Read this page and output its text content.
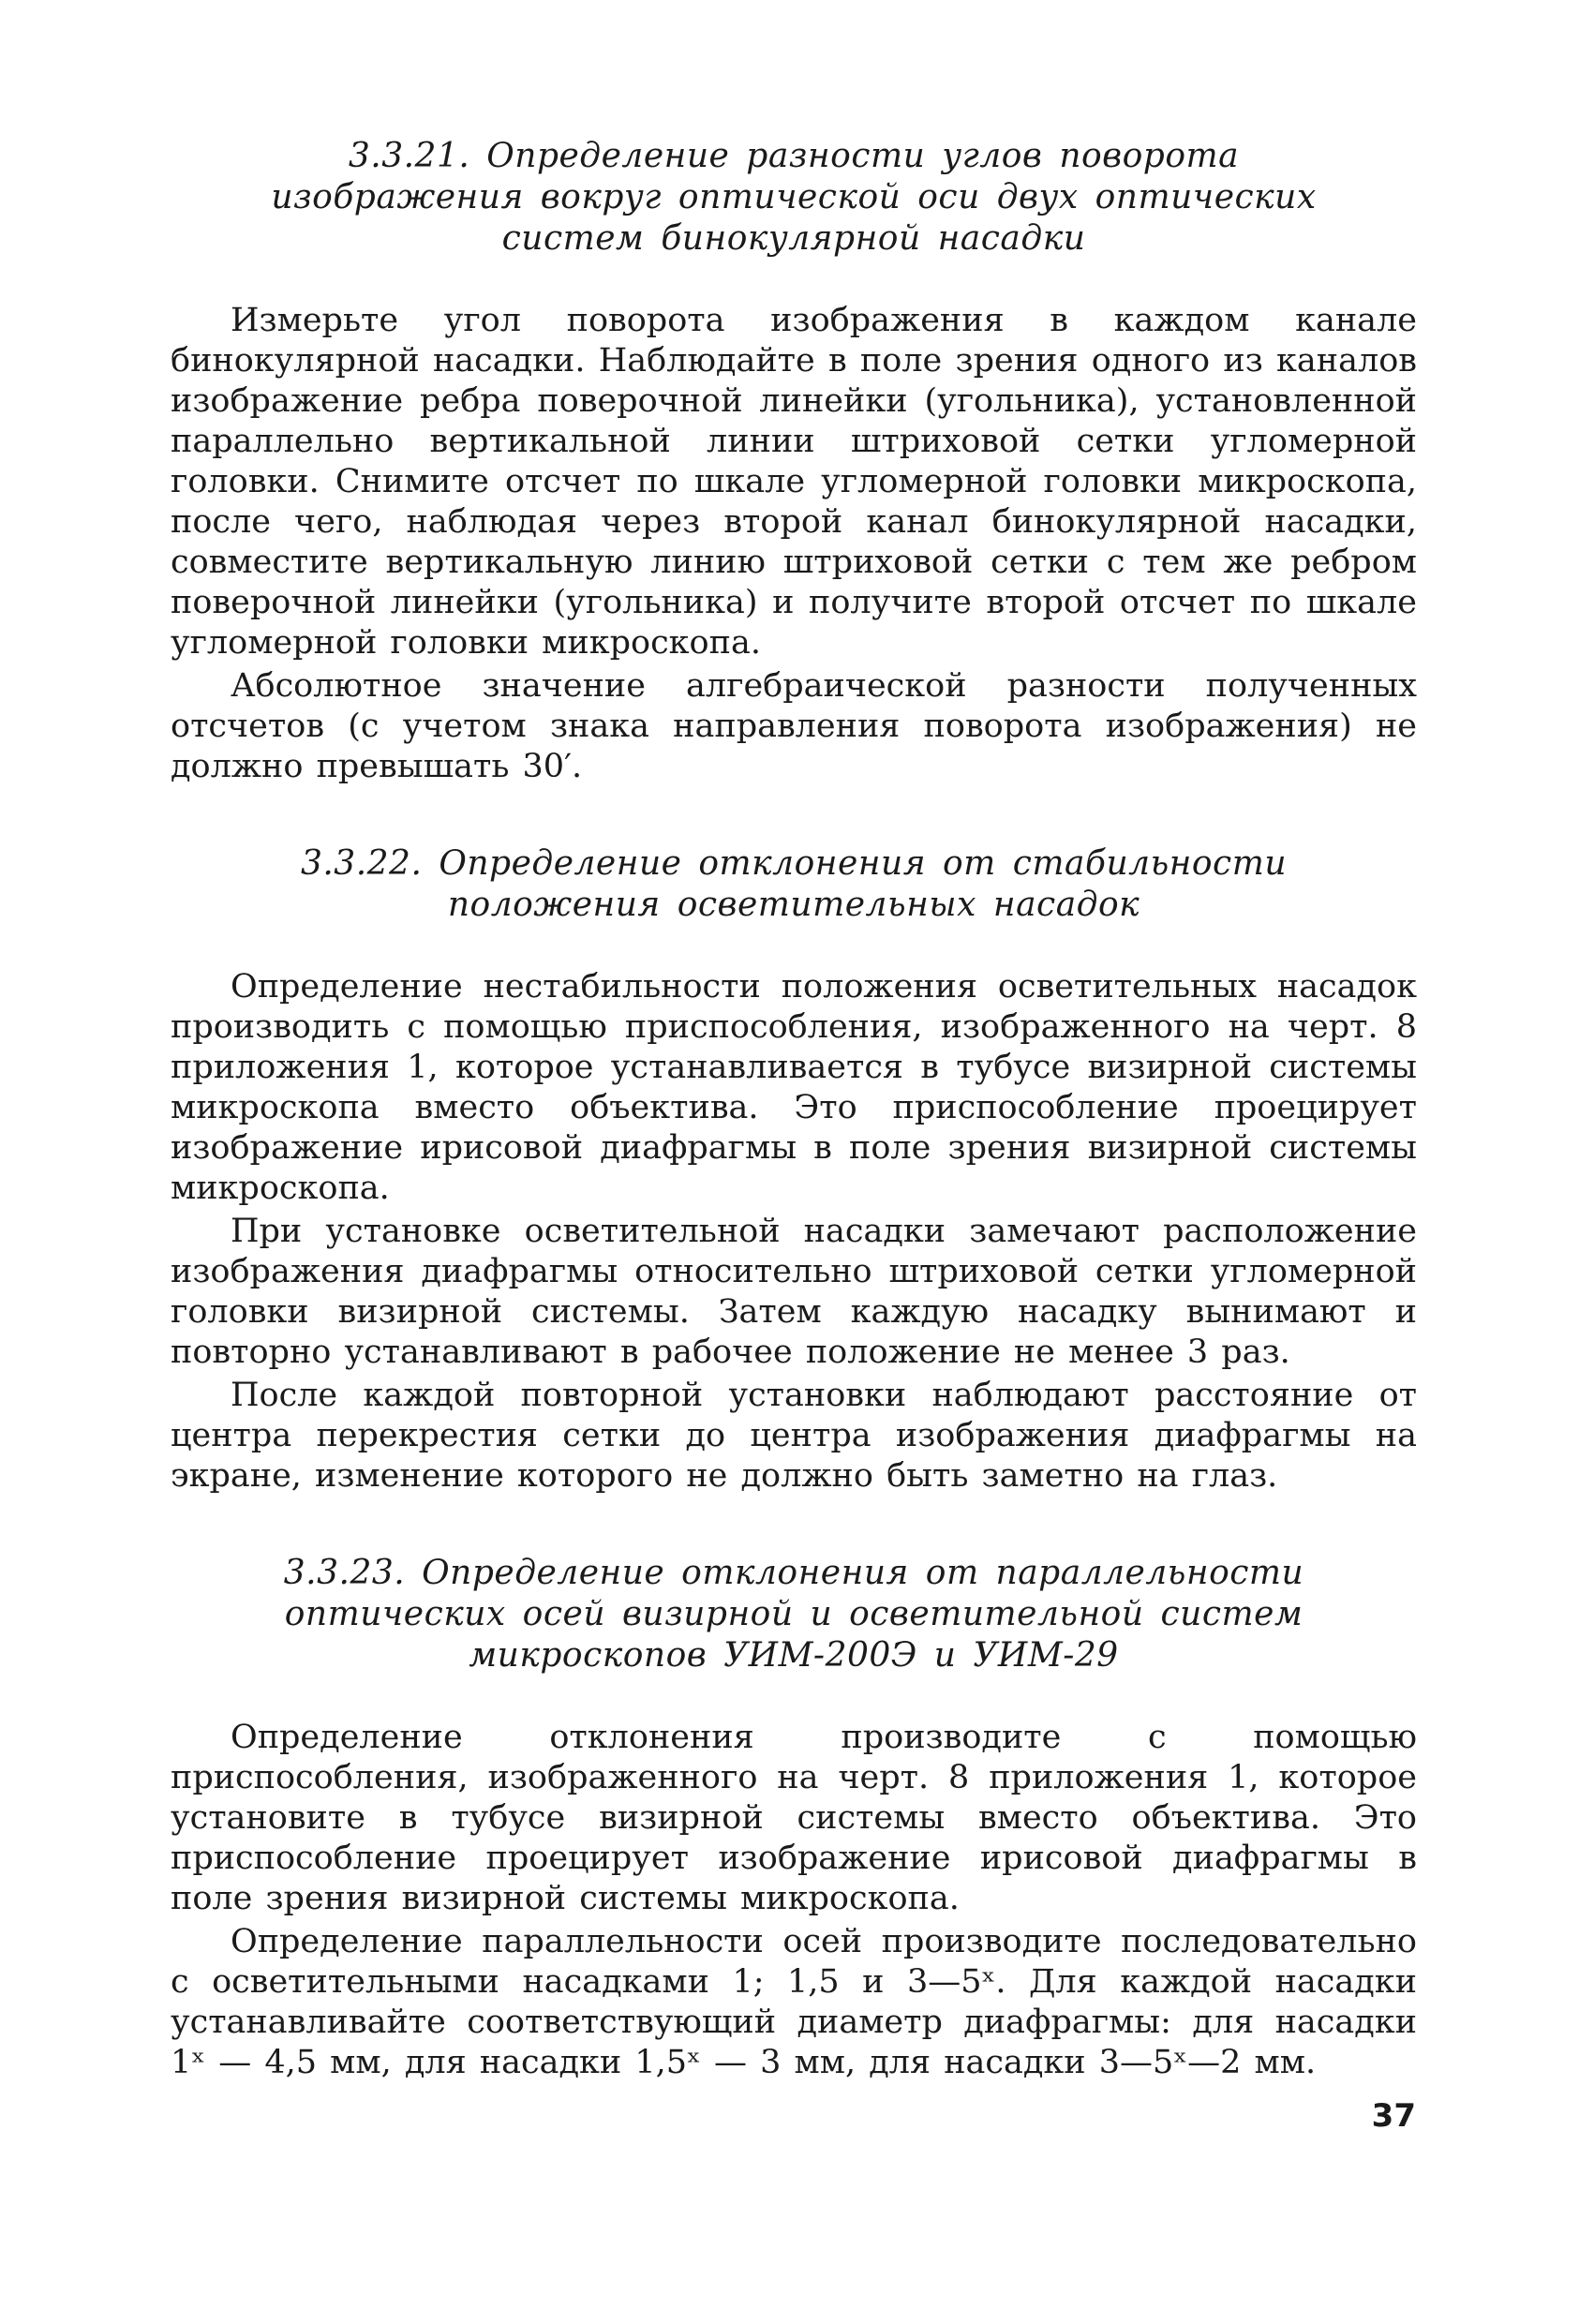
3.3.21. Определение разности углов поворота изображения вокруг оптической оси двух оптических систем бинокулярной насадки

Измерьте угол поворота изображения в каждом канале бинокулярной насадки. Наблюдайте в поле зрения одного из каналов изображение ребра поверочной линейки (угольника), установленной параллельно вертикальной линии штриховой сетки угломерной головки. Снимите отсчет по шкале угломерной головки микроскопа, после чего, наблюдая через второй канал бинокулярной насадки, совместите вертикальную линию штриховой сетки с тем же ребром поверочной линейки (угольника) и получите второй отсчет по шкале угломерной головки микроскопа.

Абсолютное значение алгебраической разности полученных отсчетов (с учетом знака направления поворота изображения) не должно превышать 30′.

3.3.22. Определение отклонения от стабильности положения осветительных насадок

Определение нестабильности положения осветительных насадок производить с помощью приспособления, изображенного на черт. 8 приложения 1, которое устанавливается в тубусе визирной системы микроскопа вместо объектива. Это приспособление проецирует изображение ирисовой диафрагмы в поле зрения визирной системы микроскопа.

При установке осветительной насадки замечают расположение изображения диафрагмы относительно штриховой сетки угломерной головки визирной системы. Затем каждую насадку вынимают и повторно устанавливают в рабочее положение не менее 3 раз.

После каждой повторной установки наблюдают расстояние от центра перекрестия сетки до центра изображения диафрагмы на экране, изменение которого не должно быть заметно на глаз.

3.3.23. Определение отклонения от параллельности оптических осей визирной и осветительной систем микроскопов УИМ-200Э и УИМ-29

Определение отклонения производите с помощью приспособления, изображенного на черт. 8 приложения 1, которое установите в тубусе визирной системы вместо объектива. Это приспособление проецирует изображение ирисовой диафрагмы в поле зрения визирной системы микроскопа.

Определение параллельности осей производите последовательно с осветительными насадками 1; 1,5 и 3—5ˣ. Для каждой насадки устанавливайте соответствующий диаметр диафрагмы: для насадки 1ˣ — 4,5 мм, для насадки 1,5ˣ — 3 мм, для насадки 3—5ˣ—2 мм.

37
